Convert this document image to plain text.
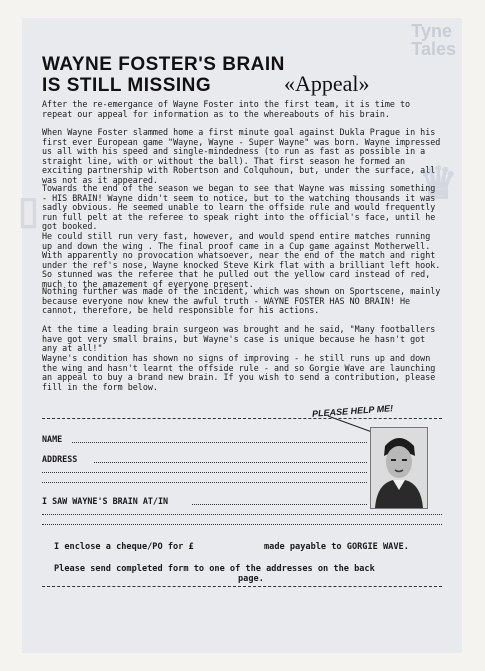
Tyne
Tales
♛
▯
WAYNE FOSTER'S BRAIN
IS STILL MISSING	«Appeal»
After the re-emergance of Wayne Foster into the first team, it is time to repeat our appeal for information as to the whereabouts of his brain.
When Wayne Foster slammed home a first minute goal against Dukla Prague in his first ever European game "Wayne, Wayne - Super Wayne" was born. Wayne impressed us all with his speed and single-mindedness (to run as fast as possible in a straight line, with or without the ball). That first season he formed an exciting partnership with Robertson and Colquhoun, but, under the surface, all was not as it appeared.
Towards the end of the season we began to see that Wayne was missing something - HIS BRAIN! Wayne didn't seem to notice, but to the watching thousands it was sadly obvious. He seemed unable to learn the offside rule and would frequently run full pelt at the referee to speak right into the official's face, until he got booked.
He could still run very fast, however, and would spend entire matches running up and down the wing . The final proof came in a Cup game against Motherwell. With apparently no provocation whatsoever, near the end of the match and right under the ref's nose, Wayne knocked Steve Kirk flat with a brilliant left hook. So stunned was the referee that he pulled out the yellow card instead of red, much to the amazement of everyone present.
Nothing further was made of the incident, which was shown on Sportscene, mainly because everyone now knew the awful truth - WAYNE FOSTER HAS NO BRAIN! He cannot, therefore, be held responsible for his actions.
At the time a leading brain surgeon was brought and he said, "Many footballers have got very small brains, but Wayne's case is unique because he hasn't got any at all!"
Wayne's condition has shown no signs of improving - he still runs up and down the wing and hasn't learnt the offside rule - and so Gorgie Wave are launching an appeal to buy a brand new brain. If you wish to send a contribution, please fill in the form below.
PLEASE HELP ME!
NAME
ADDRESS
I SAW WAYNE'S BRAIN AT/IN
I enclose a cheque/PO for £	made payable to GORGIE WAVE.
Please send completed form to one of the addresses on the back
page.
